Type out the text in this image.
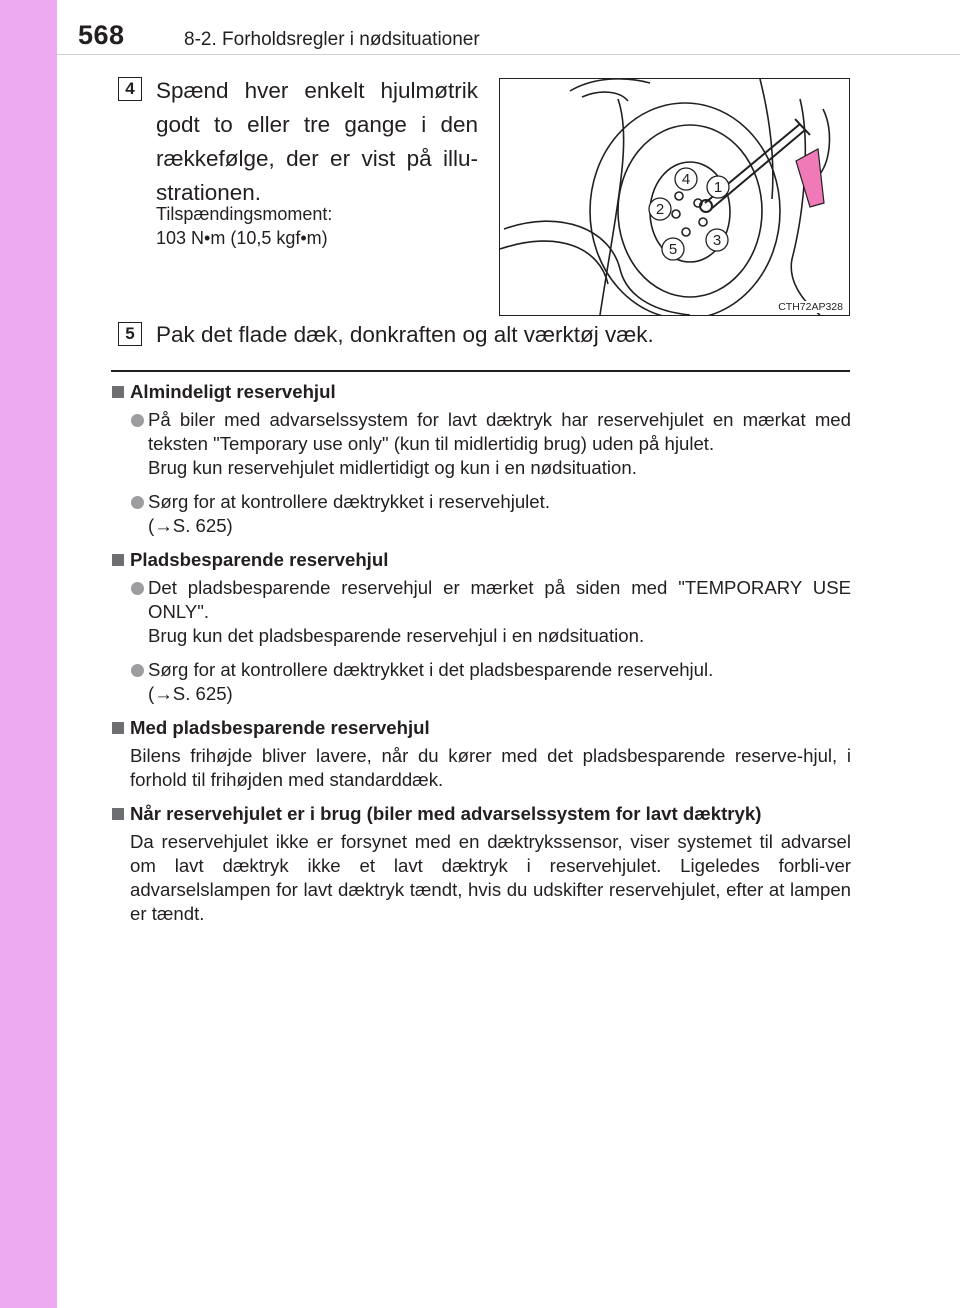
568	8-2. Forholdsregler i nødsituationer
4 Spænd hver enkelt hjulmøtrik godt to eller tre gange i den rækkefølge, der er vist på illu-strationen.
Tilspændingsmoment:
103 N•m (10,5 kgf•m)
1
2
3
4
5
CTH72AP328
5 Pak det flade dæk, donkraften og alt værktøj væk.
Almindeligt reservehjul
På biler med advarselssystem for lavt dæktryk har reservehjulet en mærkat med teksten "Temporary use only" (kun til midlertidig brug) uden på hjulet.
Brug kun reservehjulet midlertidigt og kun i en nødsituation.
Sørg for at kontrollere dæktrykket i reservehjulet.
(→S. 625)
Pladsbesparende reservehjul
Det pladsbesparende reservehjul er mærket på siden med "TEMPORARY USE ONLY".
Brug kun det pladsbesparende reservehjul i en nødsituation.
Sørg for at kontrollere dæktrykket i det pladsbesparende reservehjul.
(→S. 625)
Med pladsbesparende reservehjul
Bilens frihøjde bliver lavere, når du kører med det pladsbesparende reserve-hjul, i forhold til frihøjden med standarddæk.
Når reservehjulet er i brug (biler med advarselssystem for lavt dæktryk)
Da reservehjulet ikke er forsynet med en dæktrykssensor, viser systemet til advarsel om lavt dæktryk ikke et lavt dæktryk i reservehjulet. Ligeledes forbli-ver advarselslampen for lavt dæktryk tændt, hvis du udskifter reservehjulet, efter at lampen er tændt.
